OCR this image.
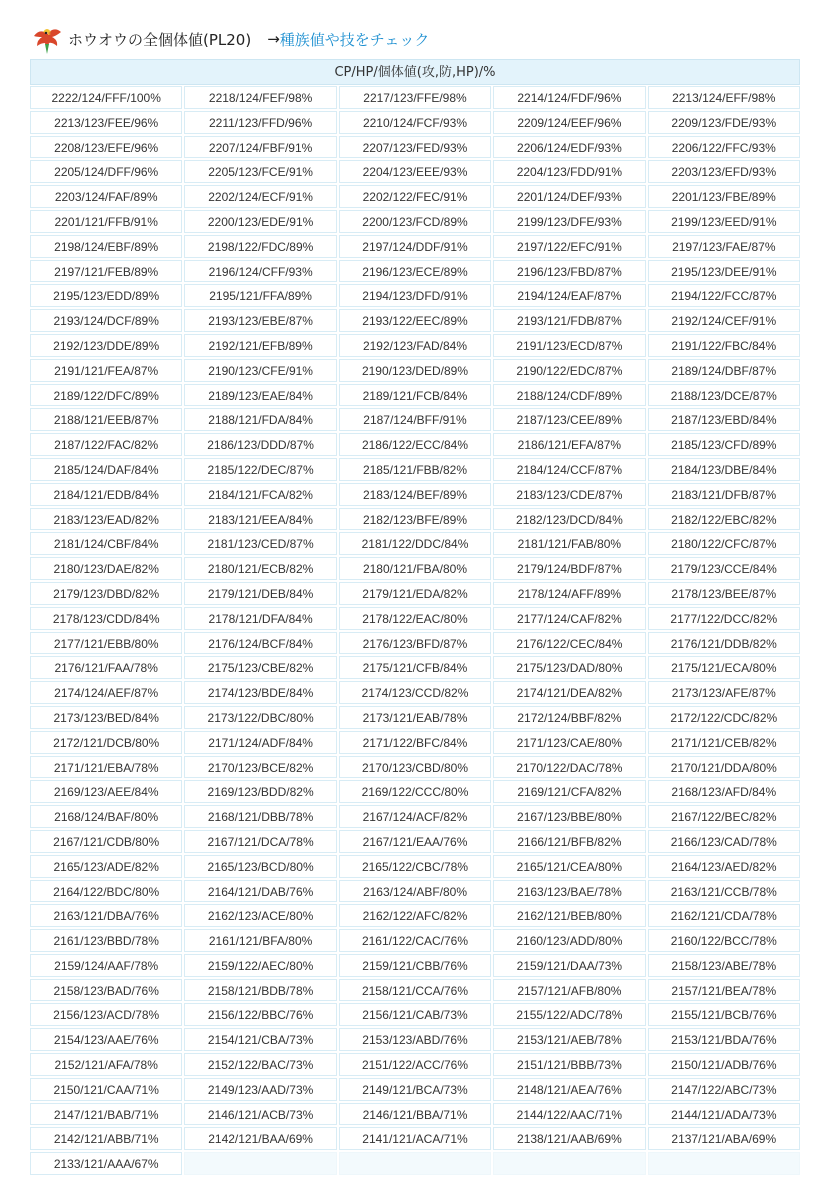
ホウオウの全個体値(PL20) → 種族値や技をチェック
CP/HP/個体値(攻,防,HP)/%
2222/124/FFF/100%	2218/124/FEF/98%	2217/123/FFE/98%	2214/124/FDF/96%	2213/124/EFF/98%
2213/123/FEE/96%	2211/123/FFD/96%	2210/124/FCF/93%	2209/124/EEF/96%	2209/123/FDE/93%
2208/123/EFE/96%	2207/124/FBF/91%	2207/123/FED/93%	2206/124/EDF/93%	2206/122/FFC/93%
2205/124/DFF/96%	2205/123/FCE/91%	2204/123/EEE/93%	2204/123/FDD/91%	2203/123/EFD/93%
2203/124/FAF/89%	2202/124/ECF/91%	2202/122/FEC/91%	2201/124/DEF/93%	2201/123/FBE/89%
2201/121/FFB/91%	2200/123/EDE/91%	2200/123/FCD/89%	2199/123/DFE/93%	2199/123/EED/91%
2198/124/EBF/89%	2198/122/FDC/89%	2197/124/DDF/91%	2197/122/EFC/91%	2197/123/FAE/87%
2197/121/FEB/89%	2196/124/CFF/93%	2196/123/ECE/89%	2196/123/FBD/87%	2195/123/DEE/91%
2195/123/EDD/89%	2195/121/FFA/89%	2194/123/DFD/91%	2194/124/EAF/87%	2194/122/FCC/87%
2193/124/DCF/89%	2193/123/EBE/87%	2193/122/EEC/89%	2193/121/FDB/87%	2192/124/CEF/91%
2192/123/DDE/89%	2192/121/EFB/89%	2192/123/FAD/84%	2191/123/ECD/87%	2191/122/FBC/84%
2191/121/FEA/87%	2190/123/CFE/91%	2190/123/DED/89%	2190/122/EDC/87%	2189/124/DBF/87%
2189/122/DFC/89%	2189/123/EAE/84%	2189/121/FCB/84%	2188/124/CDF/89%	2188/123/DCE/87%
2188/121/EEB/87%	2188/121/FDA/84%	2187/124/BFF/91%	2187/123/CEE/89%	2187/123/EBD/84%
2187/122/FAC/82%	2186/123/DDD/87%	2186/122/ECC/84%	2186/121/EFA/87%	2185/123/CFD/89%
2185/124/DAF/84%	2185/122/DEC/87%	2185/121/FBB/82%	2184/124/CCF/87%	2184/123/DBE/84%
2184/121/EDB/84%	2184/121/FCA/82%	2183/124/BEF/89%	2183/123/CDE/87%	2183/121/DFB/87%
2183/123/EAD/82%	2183/121/EEA/84%	2182/123/BFE/89%	2182/123/DCD/84%	2182/122/EBC/82%
2181/124/CBF/84%	2181/123/CED/87%	2181/122/DDC/84%	2181/121/FAB/80%	2180/122/CFC/87%
2180/123/DAE/82%	2180/121/ECB/82%	2180/121/FBA/80%	2179/124/BDF/87%	2179/123/CCE/84%
2179/123/DBD/82%	2179/121/DEB/84%	2179/121/EDA/82%	2178/124/AFF/89%	2178/123/BEE/87%
2178/123/CDD/84%	2178/121/DFA/84%	2178/122/EAC/80%	2177/124/CAF/82%	2177/122/DCC/82%
2177/121/EBB/80%	2176/124/BCF/84%	2176/123/BFD/87%	2176/122/CEC/84%	2176/121/DDB/82%
2176/121/FAA/78%	2175/123/CBE/82%	2175/121/CFB/84%	2175/123/DAD/80%	2175/121/ECA/80%
2174/124/AEF/87%	2174/123/BDE/84%	2174/123/CCD/82%	2174/121/DEA/82%	2173/123/AFE/87%
2173/123/BED/84%	2173/122/DBC/80%	2173/121/EAB/78%	2172/124/BBF/82%	2172/122/CDC/82%
2172/121/DCB/80%	2171/124/ADF/84%	2171/122/BFC/84%	2171/123/CAE/80%	2171/121/CEB/82%
2171/121/EBA/78%	2170/123/BCE/82%	2170/123/CBD/80%	2170/122/DAC/78%	2170/121/DDA/80%
2169/123/AEE/84%	2169/123/BDD/82%	2169/122/CCC/80%	2169/121/CFA/82%	2168/123/AFD/84%
2168/124/BAF/80%	2168/121/DBB/78%	2167/124/ACF/82%	2167/123/BBE/80%	2167/122/BEC/82%
2167/121/CDB/80%	2167/121/DCA/78%	2167/121/EAA/76%	2166/121/BFB/82%	2166/123/CAD/78%
2165/123/ADE/82%	2165/123/BCD/80%	2165/122/CBC/78%	2165/121/CEA/80%	2164/123/AED/82%
2164/122/BDC/80%	2164/121/DAB/76%	2163/124/ABF/80%	2163/123/BAE/78%	2163/121/CCB/78%
2163/121/DBA/76%	2162/123/ACE/80%	2162/122/AFC/82%	2162/121/BEB/80%	2162/121/CDA/78%
2161/123/BBD/78%	2161/121/BFA/80%	2161/122/CAC/76%	2160/123/ADD/80%	2160/122/BCC/78%
2159/124/AAF/78%	2159/122/AEC/80%	2159/121/CBB/76%	2159/121/DAA/73%	2158/123/ABE/78%
2158/123/BAD/76%	2158/121/BDB/78%	2158/121/CCA/76%	2157/121/AFB/80%	2157/121/BEA/78%
2156/123/ACD/78%	2156/122/BBC/76%	2156/121/CAB/73%	2155/122/ADC/78%	2155/121/BCB/76%
2154/123/AAE/76%	2154/121/CBA/73%	2153/123/ABD/76%	2153/121/AEB/78%	2153/121/BDA/76%
2152/121/AFA/78%	2152/122/BAC/73%	2151/122/ACC/76%	2151/121/BBB/73%	2150/121/ADB/76%
2150/121/CAA/71%	2149/123/AAD/73%	2149/121/BCA/73%	2148/121/AEA/76%	2147/122/ABC/73%
2147/121/BAB/71%	2146/121/ACB/73%	2146/121/BBA/71%	2144/122/AAC/71%	2144/121/ADA/73%
2142/121/ABB/71%	2142/121/BAA/69%	2141/121/ACA/71%	2138/121/AAB/69%	2137/121/ABA/69%
2133/121/AAA/67%
